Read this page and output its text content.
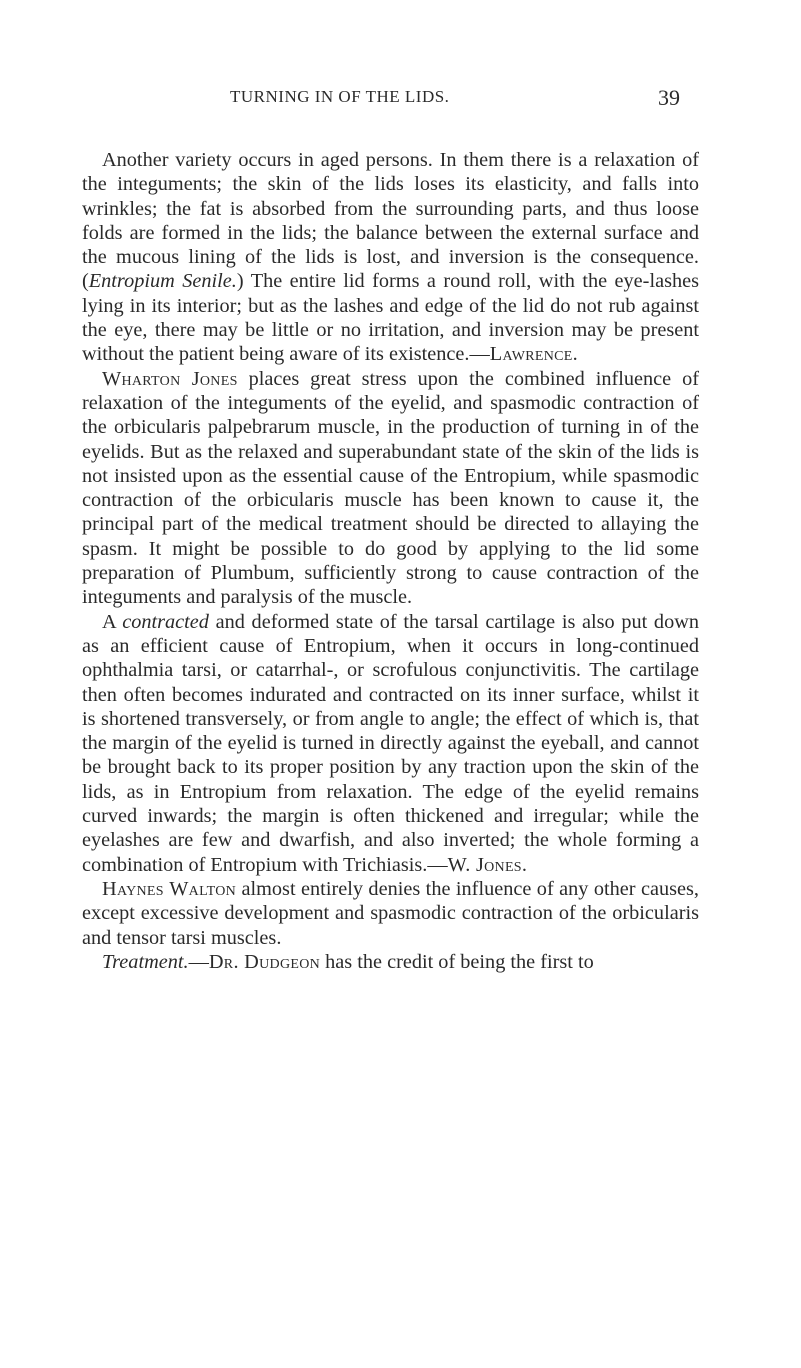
TURNING IN OF THE LIDS.	39

Another variety occurs in aged persons. In them there is a relaxation of the integuments; the skin of the lids loses its elasticity, and falls into wrinkles; the fat is absorbed from the surrounding parts, and thus loose folds are formed in the lids; the balance between the external surface and the mucous lining of the lids is lost, and inversion is the consequence. (Entropium Senile.) The entire lid forms a round roll, with the eye-lashes lying in its interior; but as the lashes and edge of the lid do not rub against the eye, there may be little or no irritation, and inversion may be present without the patient being aware of its existence.—Lawrence.

Wharton Jones places great stress upon the combined influence of relaxation of the integuments of the eyelid, and spasmodic contraction of the orbicularis palpebrarum muscle, in the production of turning in of the eyelids. But as the relaxed and superabundant state of the skin of the lids is not insisted upon as the essential cause of the Entropium, while spasmodic contraction of the orbicularis muscle has been known to cause it, the principal part of the medical treatment should be directed to allaying the spasm. It might be possible to do good by applying to the lid some preparation of Plumbum, sufficiently strong to cause contraction of the integuments and paralysis of the muscle.

A contracted and deformed state of the tarsal cartilage is also put down as an efficient cause of Entropium, when it occurs in long-continued ophthalmia tarsi, or catarrhal-, or scrofulous conjunctivitis. The cartilage then often becomes indurated and contracted on its inner surface, whilst it is shortened transversely, or from angle to angle; the effect of which is, that the margin of the eyelid is turned in directly against the eyeball, and cannot be brought back to its proper position by any traction upon the skin of the lids, as in Entropium from relaxation. The edge of the eyelid remains curved inwards; the margin is often thickened and irregular; while the eyelashes are few and dwarfish, and also inverted; the whole forming a combination of Entropium with Trichiasis.—W. Jones.

Haynes Walton almost entirely denies the influence of any other causes, except excessive development and spasmodic contraction of the orbicularis and tensor tarsi muscles.

Treatment.—Dr. Dudgeon has the credit of being the first to
